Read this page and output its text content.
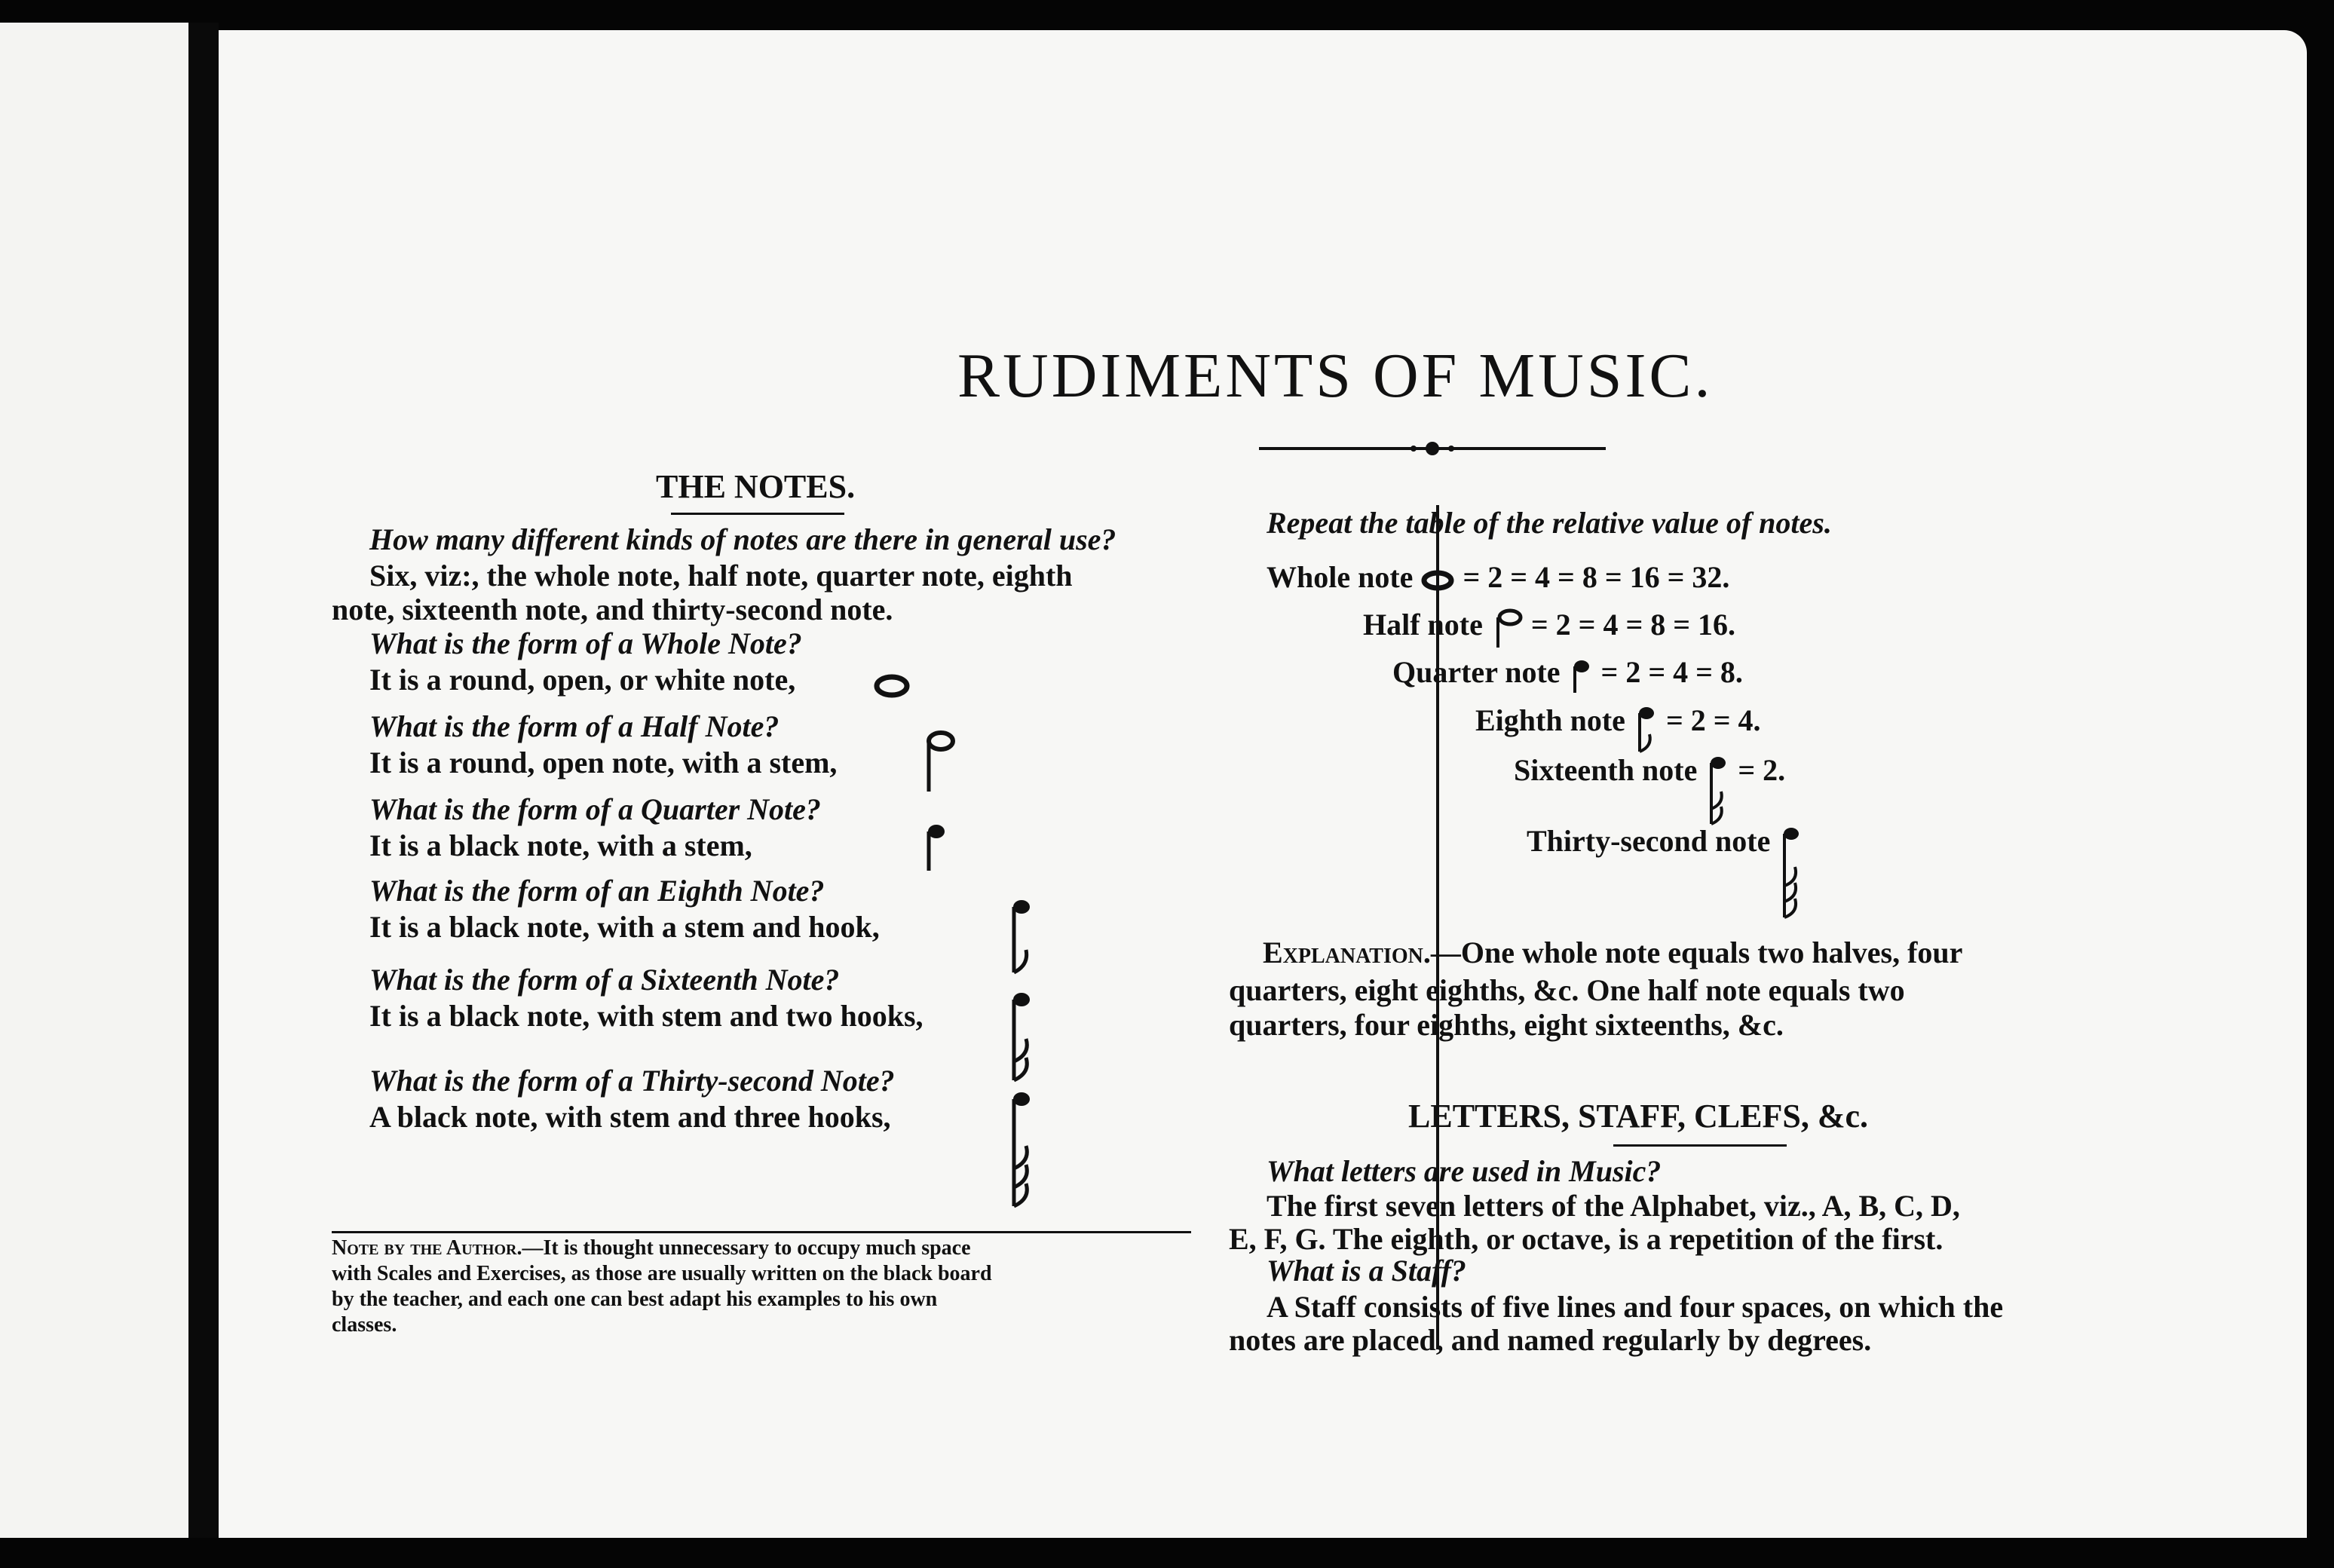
RUDIMENTS OF MUSIC.
THE NOTES.
How many different kinds of notes are there in general use?
Six, viz:, the whole note, half note, quarter note, eighth
note, sixteenth note, and thirty-second note.
What is the form of a Whole Note?
It is a round, open, or white note,
What is the form of a Half Note?
It is a round, open note, with a stem,
What is the form of a Quarter Note?
It is a black note, with a stem,
What is the form of an Eighth Note?
It is a black note, with a stem and hook,
What is the form of a Sixteenth Note?
It is a black note, with stem and two hooks,
What is the form of a Thirty-second Note?
A black note, with stem and three hooks,
Note by the Author.—It is thought unnecessary to occupy much space
with Scales and Exercises, as those are usually written on the black board
by the teacher, and each one can best adapt his examples to his own
classes.
Repeat the table of the relative value of notes.
Whole note = 2 = 4 = 8 = 16 = 32.
Half note = 2 = 4 = 8 = 16.
Quarter note = 2 = 4 = 8.
Eighth note = 2 = 4.
Sixteenth note = 2.
Thirty-second note
Explanation.—One whole note equals two halves, four
quarters, eight eighths, &c. One half note equals two
quarters, four eighths, eight sixteenths, &c.
LETTERS, STAFF, CLEFS, &c.
What letters are used in Music?
The first seven letters of the Alphabet, viz., A, B, C, D,
E, F, G. The eighth, or octave, is a repetition of the first.
What is a Staff?
A Staff consists of five lines and four spaces, on which the
notes are placed, and named regularly by degrees.
